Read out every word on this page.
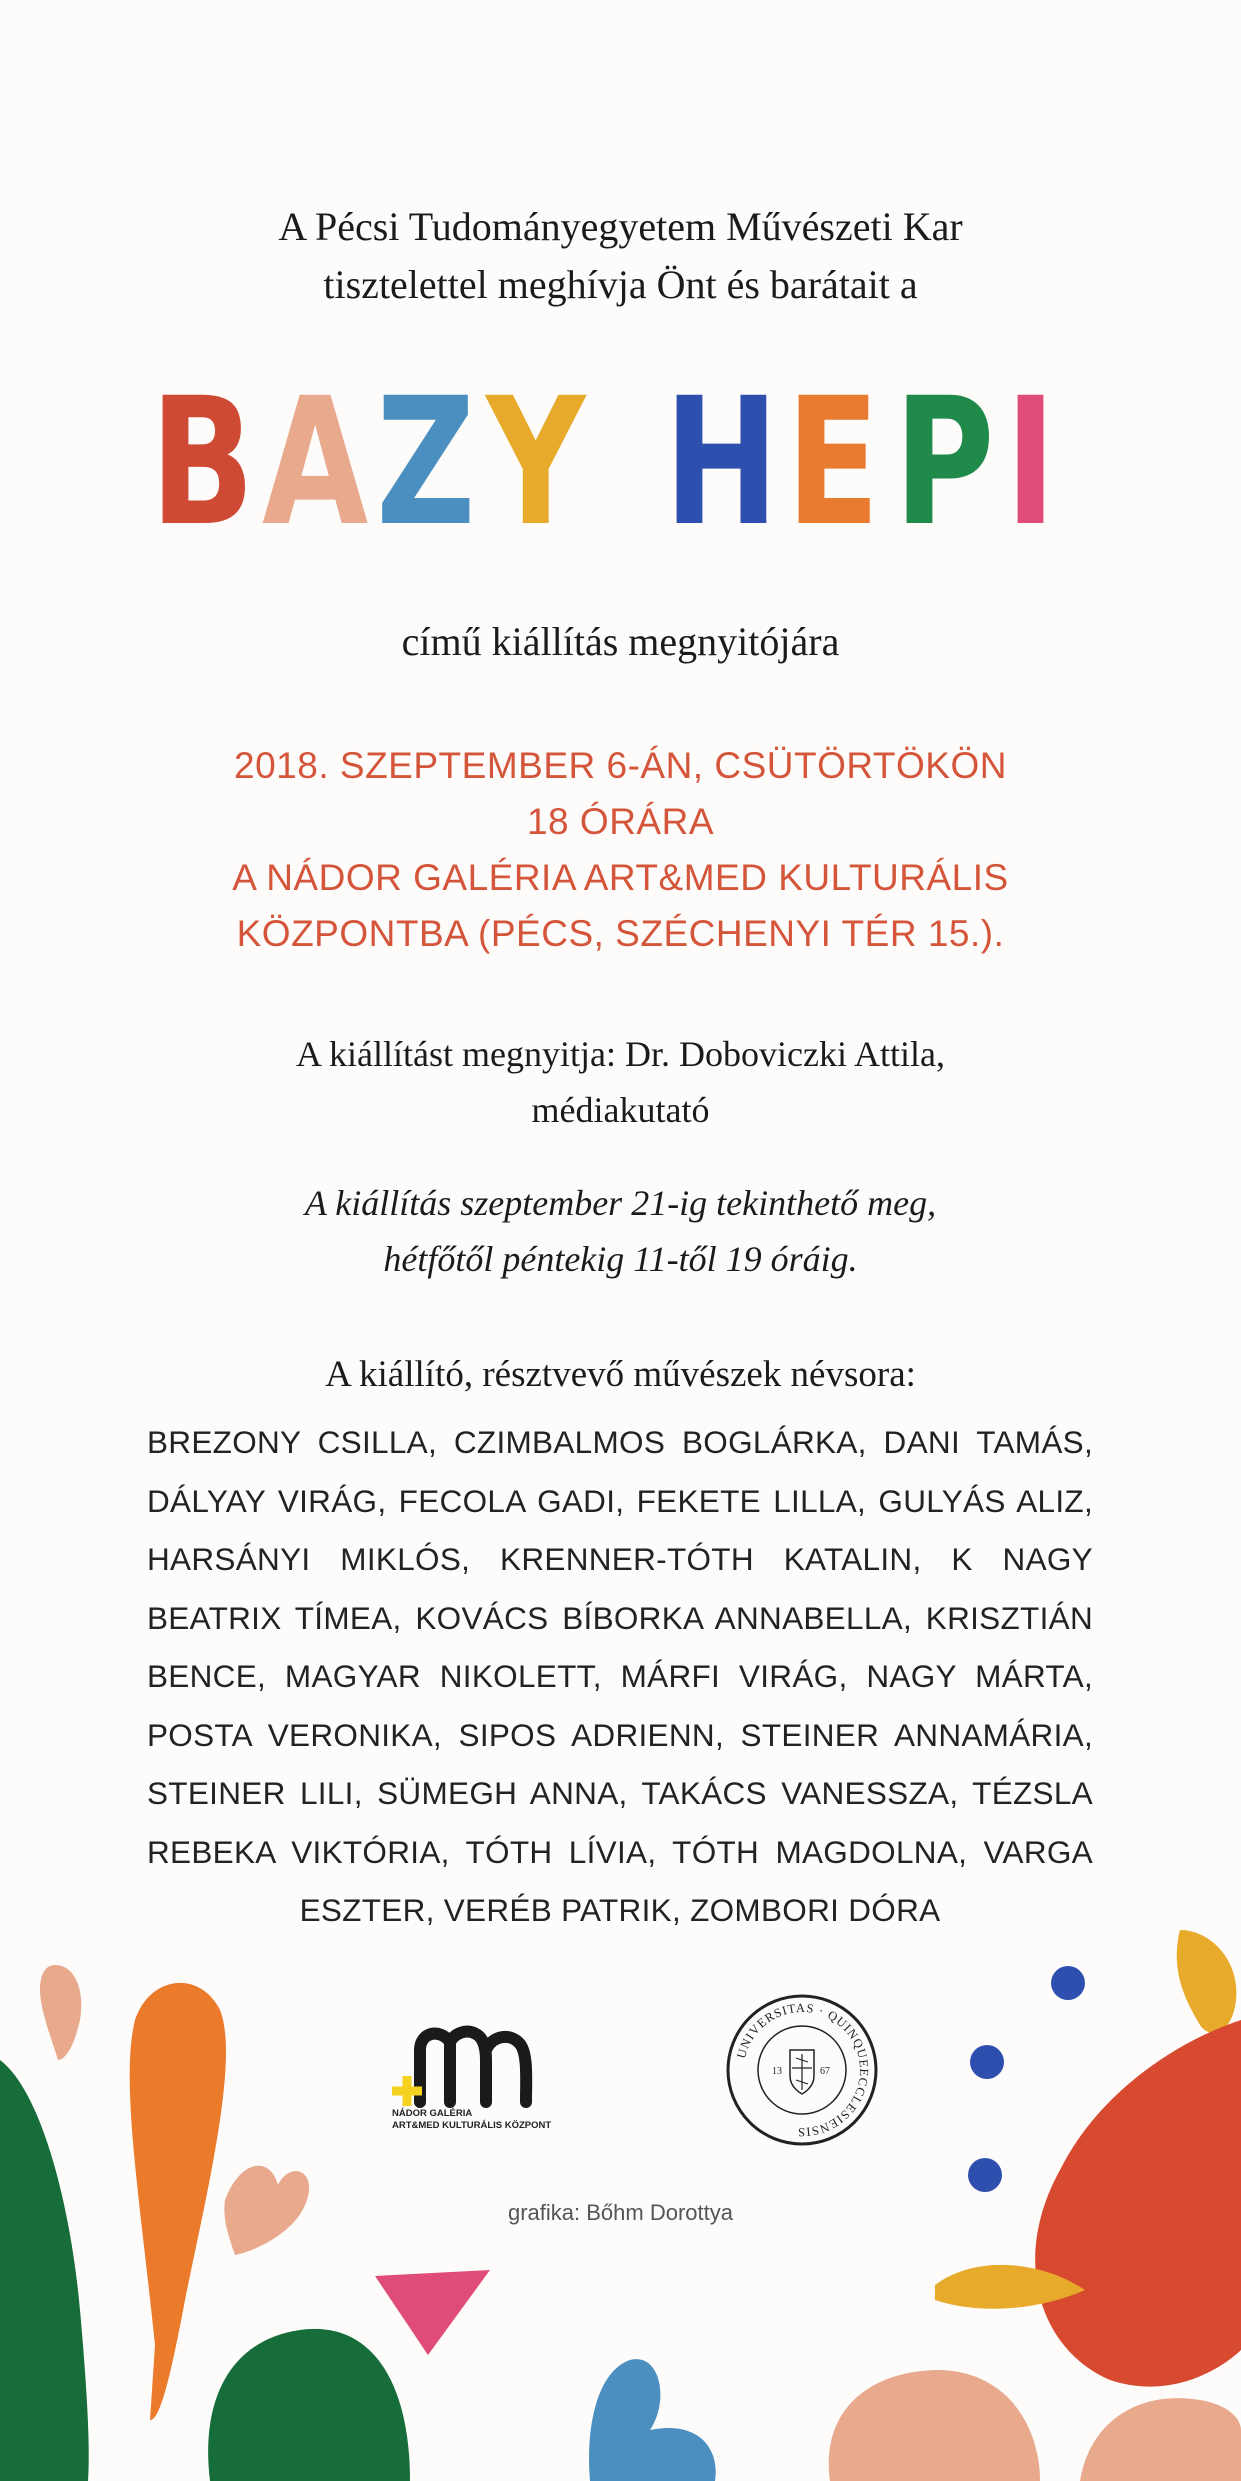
A Pécsi Tudományegyetem Művészeti Kar
tisztelettel meghívja Önt és barátait a
B A Z Y H E P I
című kiállítás megnyitójára
2018. SZEPTEMBER 6-ÁN, CSÜTÖRTÖKÖN
18 ÓRÁRA
A NÁDOR GALÉRIA ART&MED KULTURÁLIS
KÖZPONTBA (PÉCS, SZÉCHENYI TÉR 15.).
A kiállítást megnyitja: Dr. Doboviczki Attila,
médiakutató
A kiállítás szeptember 21-ig tekinthető meg,
hétfőtől péntekig 11-től 19 óráig.
A kiállító, résztvevő művészek névsora:
BREZONY CSILLA, CZIMBALMOS BOGLÁRKA, DANI TAMÁS, DÁLYAY VIRÁG, FECOLA GADI, FEKETE LILLA, GULYÁS ALIZ, HARSÁNYI MIKLÓS, KRENNER-TÓTH KATALIN, K NAGY BEATRIX TÍMEA, KOVÁCS BÍBORKA ANNABELLA, KRISZTIÁN BENCE, MAGYAR NIKOLETT, MÁRFI VIRÁG, NAGY MÁRTA, POSTA VERONIKA, SIPOS ADRIENN, STEINER ANNAMÁRIA, STEINER LILI, SÜMEGH ANNA, TAKÁCS VANESSZA, TÉZSLA REBEKA VIKTÓRIA, TÓTH LÍVIA, TÓTH MAGDOLNA, VARGA ESZTER, VERÉB PATRIK, ZOMBORI DÓRA
NÁDOR GALÉRIA
ART&MED KULTURÁLIS KÖZPONT
UNIVERSITAS · QUINQUEECCLESIENSIS
13	67
grafika: Bőhm Dorottya
